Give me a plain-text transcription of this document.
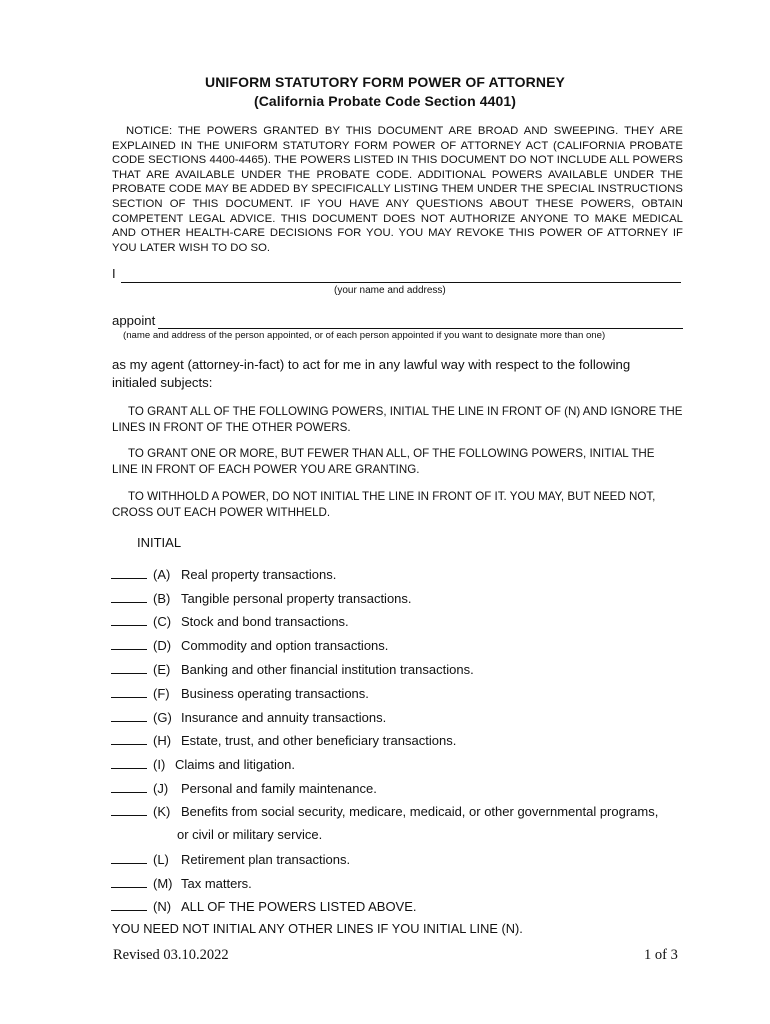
UNIFORM STATUTORY FORM POWER OF ATTORNEY
(California Probate Code Section 4401)
NOTICE: THE POWERS GRANTED BY THIS DOCUMENT ARE BROAD AND SWEEPING. THEY ARE EXPLAINED IN THE UNIFORM STATUTORY FORM POWER OF ATTORNEY ACT (CALIFORNIA PROBATE CODE SECTIONS 4400-4465). THE POWERS LISTED IN THIS DOCUMENT DO NOT INCLUDE ALL POWERS THAT ARE AVAILABLE UNDER THE PROBATE CODE. ADDITIONAL POWERS AVAILABLE UNDER THE PROBATE CODE MAY BE ADDED BY SPECIFICALLY LISTING THEM UNDER THE SPECIAL INSTRUCTIONS SECTION OF THIS DOCUMENT. IF YOU HAVE ANY QUESTIONS ABOUT THESE POWERS, OBTAIN COMPETENT LEGAL ADVICE. THIS DOCUMENT DOES NOT AUTHORIZE ANYONE TO MAKE MEDICAL AND OTHER HEALTH-CARE DECISIONS FOR YOU. YOU MAY REVOKE THIS POWER OF ATTORNEY IF YOU LATER WISH TO DO SO.
I
(your name and address)
appoint
(name and address of the person appointed, or of each person appointed if you want to designate more than one)
as my agent (attorney-in-fact) to act for me in any lawful way with respect to the following
initialed subjects:
TO GRANT ALL OF THE FOLLOWING POWERS, INITIAL THE LINE IN FRONT OF (N) AND IGNORE THE LINES IN FRONT OF THE OTHER POWERS.
TO GRANT ONE OR MORE, BUT FEWER THAN ALL, OF THE FOLLOWING POWERS, INITIAL THE LINE IN FRONT OF EACH POWER YOU ARE GRANTING.
TO WITHHOLD A POWER, DO NOT INITIAL THE LINE IN FRONT OF IT. YOU MAY, BUT NEED NOT, CROSS OUT EACH POWER WITHHELD.
INITIAL
(A) Real property transactions.
(B) Tangible personal property transactions.
(C) Stock and bond transactions.
(D) Commodity and option transactions.
(E) Banking and other financial institution transactions.
(F) Business operating transactions.
(G) Insurance and annuity transactions.
(H) Estate, trust, and other beneficiary transactions.
(I) Claims and litigation.
(J) Personal and family maintenance.
(K) Benefits from social security, medicare, medicaid, or other governmental programs,
or civil or military service.
(L) Retirement plan transactions.
(M) Tax matters.
(N) ALL OF THE POWERS LISTED ABOVE.
YOU NEED NOT INITIAL ANY OTHER LINES IF YOU INITIAL LINE (N).
Revised 03.10.2022	1 of 3
